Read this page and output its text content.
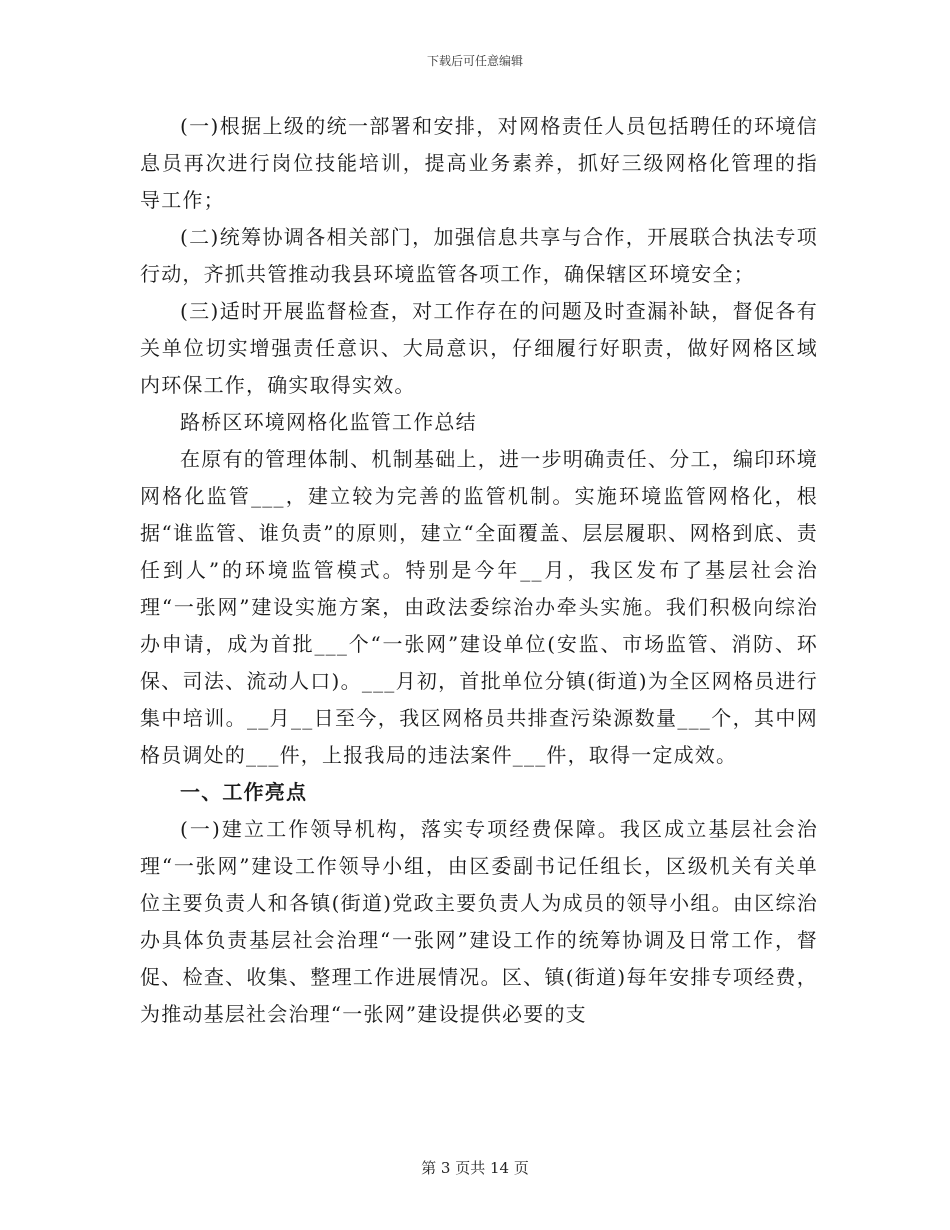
下载后可任意编辑

(一)根据上级的统一部署和安排，对网格责任人员包括聘任的环境信息员再次进行岗位技能培训，提高业务素养，抓好三级网格化管理的指导工作；

(二)统筹协调各相关部门，加强信息共享与合作，开展联合执法专项行动，齐抓共管推动我县环境监管各项工作，确保辖区环境安全；

(三)适时开展监督检查，对工作存在的问题及时查漏补缺，督促各有关单位切实增强责任意识、大局意识，仔细履行好职责，做好网格区域内环保工作，确实取得实效。

路桥区环境网格化监管工作总结

在原有的管理体制、机制基础上，进一步明确责任、分工，编印环境网格化监管___，建立较为完善的监管机制。实施环境监管网格化，根据“谁监管、谁负责”的原则，建立“全面覆盖、层层履职、网格到底、责任到人”的环境监管模式。特别是今年__月，我区发布了基层社会治理“一张网”建设实施方案，由政法委综治办牵头实施。我们积极向综治办申请，成为首批___个“一张网”建设单位(安监、市场监管、消防、环保、司法、流动人口)。___月初，首批单位分镇(街道)为全区网格员进行集中培训。__月__日至今，我区网格员共排查污染源数量___个，其中网格员调处的___件，上报我局的违法案件___件，取得一定成效。

一、工作亮点

(一)建立工作领导机构，落实专项经费保障。我区成立基层社会治理“一张网”建设工作领导小组，由区委副书记任组长，区级机关有关单位主要负责人和各镇(街道)党政主要负责人为成员的领导小组。由区综治办具体负责基层社会治理“一张网”建设工作的统筹协调及日常工作，督促、检查、收集、整理工作进展情况。区、镇(街道)每年安排专项经费，为推动基层社会治理“一张网”建设提供必要的支

第 3 页共 14 页
